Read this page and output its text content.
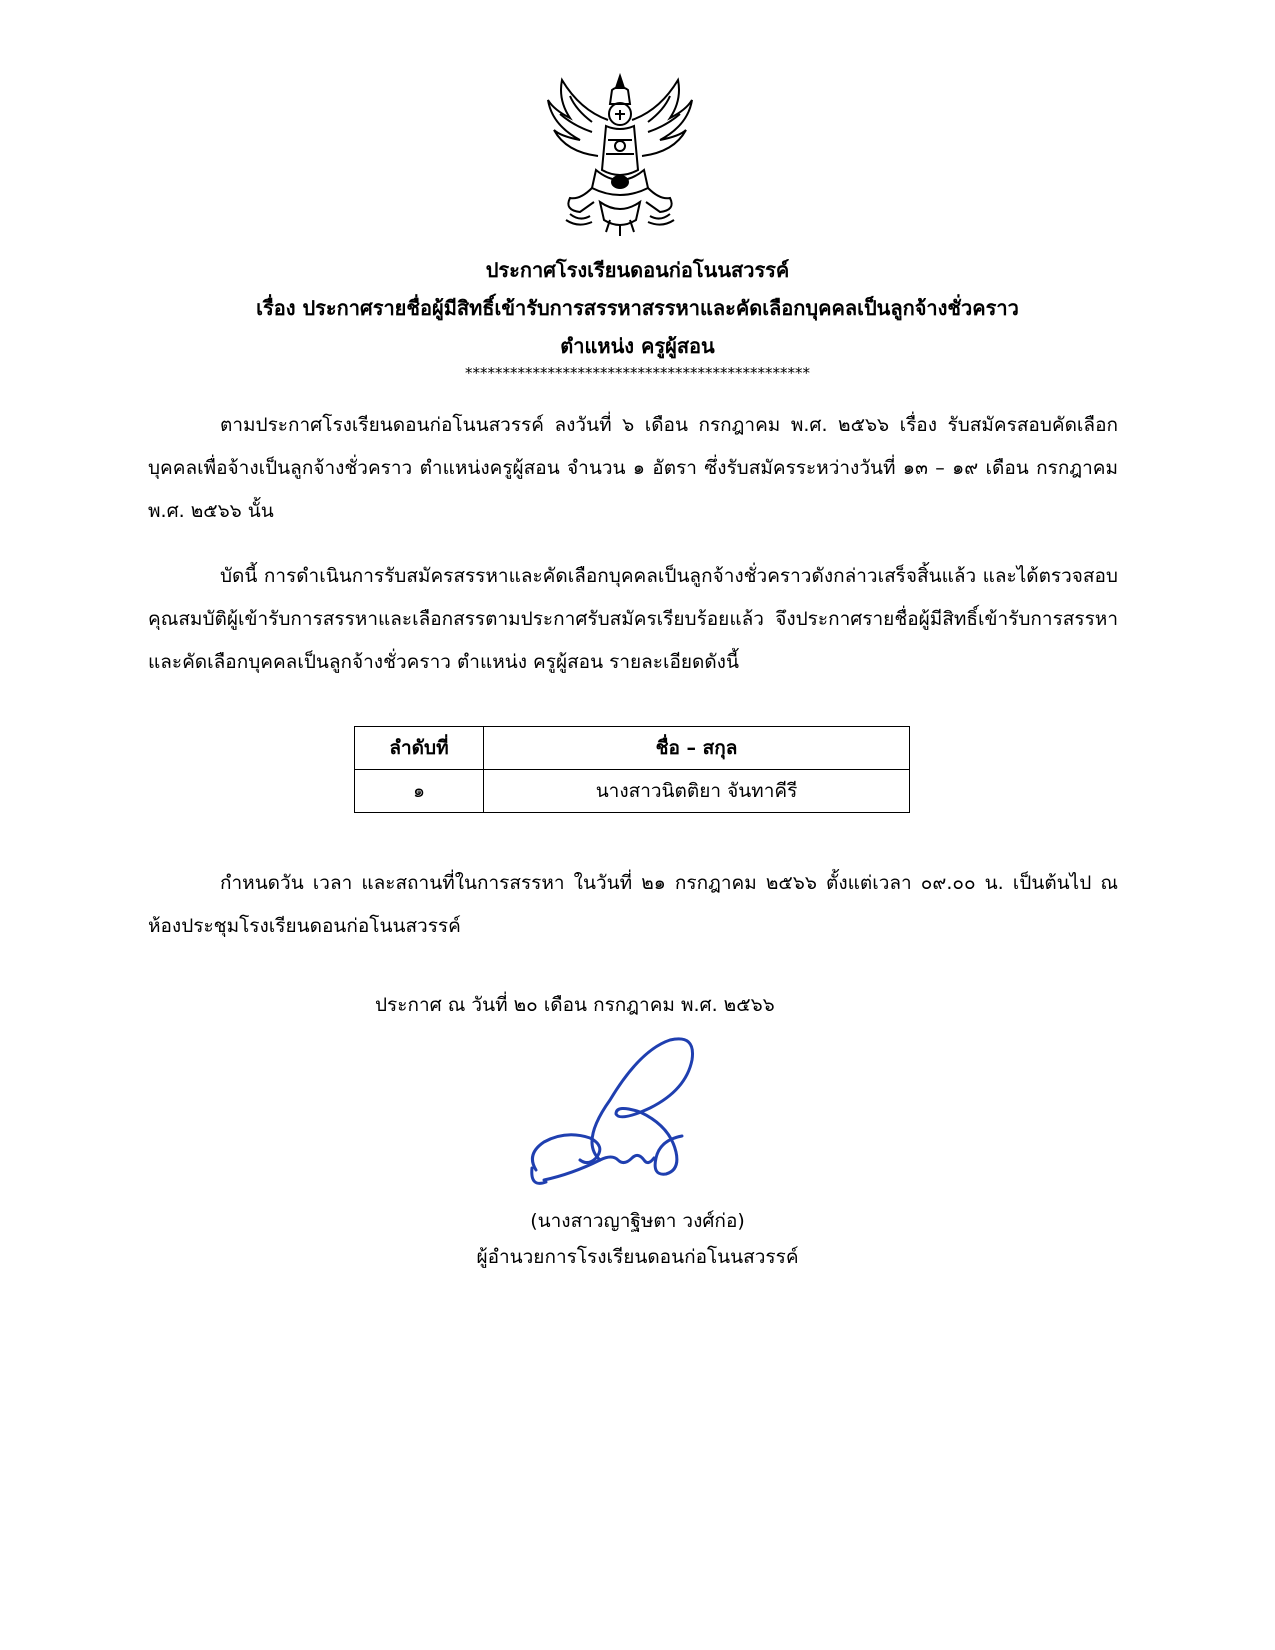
ประกาศโรงเรียนดอนก่อโนนสวรรค์
เรื่อง ประกาศรายชื่อผู้มีสิทธิ์เข้ารับการสรรหาสรรหาและคัดเลือกบุคคลเป็นลูกจ้างชั่วคราว
ตำแหน่ง ครูผู้สอน
**********************************************

ตามประกาศโรงเรียนดอนก่อโนนสวรรค์ ลงวันที่ ๖ เดือน กรกฎาคม พ.ศ. ๒๕๖๖ เรื่อง รับสมัครสอบคัดเลือกบุคคลเพื่อจ้างเป็นลูกจ้างชั่วคราว ตำแหน่งครูผู้สอน จำนวน ๑ อัตรา ซึ่งรับสมัครระหว่างวันที่ ๑๓ – ๑๙ เดือน กรกฎาคม พ.ศ. ๒๕๖๖ นั้น

บัดนี้ การดำเนินการรับสมัครสรรหาและคัดเลือกบุคคลเป็นลูกจ้างชั่วคราวดังกล่าวเสร็จสิ้นแล้ว และได้ตรวจสอบคุณสมบัติผู้เข้ารับการสรรหาและเลือกสรรตามประกาศรับสมัครเรียบร้อยแล้ว จึงประกาศรายชื่อผู้มีสิทธิ์เข้ารับการสรรหาและคัดเลือกบุคคลเป็นลูกจ้างชั่วคราว ตำแหน่ง ครูผู้สอน รายละเอียดดังนี้

ลำดับที่	ชื่อ – สกุล
๑	นางสาวนิตติยา จันทาคีรี

กำหนดวัน เวลา และสถานที่ในการสรรหา ในวันที่ ๒๑ กรกฎาคม ๒๕๖๖ ตั้งแต่เวลา ๐๙.๐๐ น. เป็นต้นไป ณ ห้องประชุมโรงเรียนดอนก่อโนนสวรรค์

ประกาศ ณ วันที่ ๒๐ เดือน กรกฎาคม พ.ศ. ๒๕๖๖
(นางสาวญาฐิษตา วงศ์ก่อ)
ผู้อำนวยการโรงเรียนดอนก่อโนนสวรรค์
